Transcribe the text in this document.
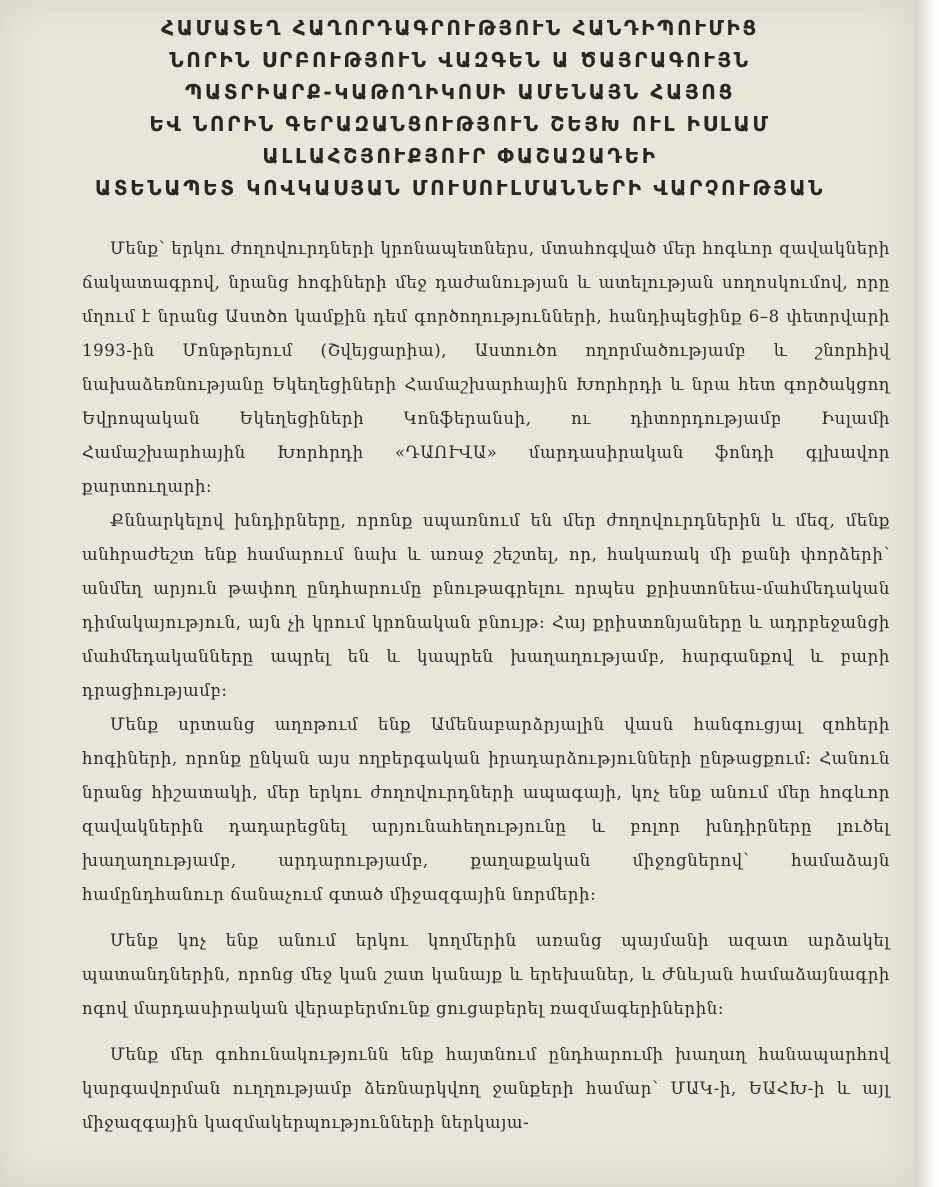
ՀԱՄԱՏԵՂ ՀԱՂՈՐԴԱԳՐՈՒԹՅՈՒՆ ՀԱՆԴԻՊՈՒՄԻՑ
ՆՈՐԻՆ ՍՐԲՈՒԹՅՈՒՆ ՎԱԶԳԵՆ Ա ԾԱՅՐԱԳՈՒՅՆ
ՊԱՏՐԻԱՐՔ-ԿԱԹՈՂԻԿՈՍԻ ԱՄԵՆԱՅՆ ՀԱՅՈՑ
ԵՎ ՆՈՐԻՆ ԳԵՐԱԶԱՆՑՈՒԹՅՈՒՆ ՇԵՅԽ ՈՒԼ ԻՍԼԱՄ
ԱԼԼԱՀՇՅՈՒՔՅՈՒՐ ՓԱՇԱԶԱԴԵԻ
ԱՏԵՆԱՊԵՏ ԿՈՎԿԱՍՅԱՆ ՄՈՒՍՈՒԼՄԱՆՆԵՐԻ ՎԱՐՉՈՒԹՅԱՆ

Մենք՝ երկու ժողովուրդների կրոնապետներս, մտահոգված մեր հոգևոր զավակների ճակատագրով, նրանց հոգիների մեջ դաժանության և ատելության սողոսկումով, որը մղում է նրանց Աստծո կամքին դեմ գործողությունների, հանդիպեցինք 6–8 փետրվարի 1993-ին Մոնթրեյում (Շվեյցարիա), Աստուծո ողորմածությամբ և շնորհիվ նախաձեռնությանը Եկեղեցիների Համաշխարհային Խորհրդի և նրա հետ գործակցող Եվրոպական Եկեղեցիների Կոնֆերանսի, ու դիտորդությամբ Իսլամի Համաշխարհային Խորհրդի «ԴԱՈՒՎԱ» մարդասիրական ֆոնդի գլխավոր քարտուղարի:

Քննարկելով խնդիրները, որոնք սպառնում են մեր ժողովուրդներին և մեզ, մենք անհրաժեշտ ենք համարում նախ և առաջ շեշտել, որ, հակառակ մի քանի փորձերի՝ անմեղ արյուն թափող ընդհարումը բնութագրելու որպես քրիստոնեա-մահմեդական դիմակայություն, այն չի կրում կրոնական բնույթ: Հայ քրիստոնյաները և ադրբեջանցի մահմեդականները ապրել են և կապրեն խաղաղությամբ, հարգանքով և բարի դրացիությամբ:

Մենք սրտանց աղոթում ենք Ամենաբարձրյալին վասն հանգուցյալ զոհերի հոգիների, որոնք ընկան այս ողբերգական իրադարձությունների ընթացքում: Հանուն նրանց հիշատակի, մեր երկու ժողովուրդների ապագայի, կոչ ենք անում մեր հոգևոր զավակներին դադարեցնել արյունահեղությունը և բոլոր խնդիրները լուծել խաղաղությամբ, արդարությամբ, քաղաքական միջոցներով՝ համաձայն համընդհանուր ճանաչում գտած միջազգային նորմերի:

Մենք կոչ ենք անում երկու կողմերին առանց պայմանի ազատ արձակել պատանդներին, որոնց մեջ կան շատ կանայք և երեխաներ, և Ժնևյան համաձայնագրի ոգով մարդասիրական վերաբերմունք ցուցաբերել ռազմագերիներին:

Մենք մեր գոհունակությունն ենք հայտնում ընդհարումի խաղաղ հանապարհով կարգավորման ուղղությամբ ձեռնարկվող ջանքերի համար՝ ՄԱԿ-ի, ԵԱՀԽ-ի և այլ միջազգային կազմակերպությունների ներկայա-
